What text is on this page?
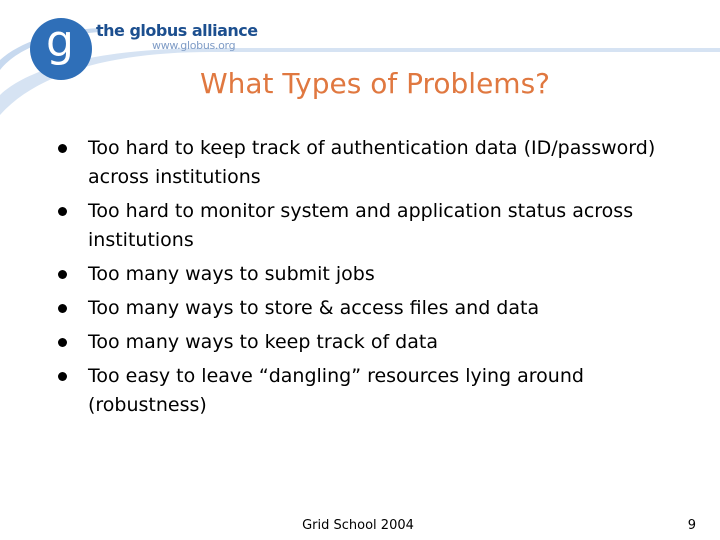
g the globus alliance
www.globus.org
What Types of Problems?
Too hard to keep track of authentication data (ID/password) across institutions
Too hard to monitor system and application status across institutions
Too many ways to submit jobs
Too many ways to store & access files and data
Too many ways to keep track of data
Too easy to leave “dangling” resources lying around (robustness)
Grid School 2004	9
